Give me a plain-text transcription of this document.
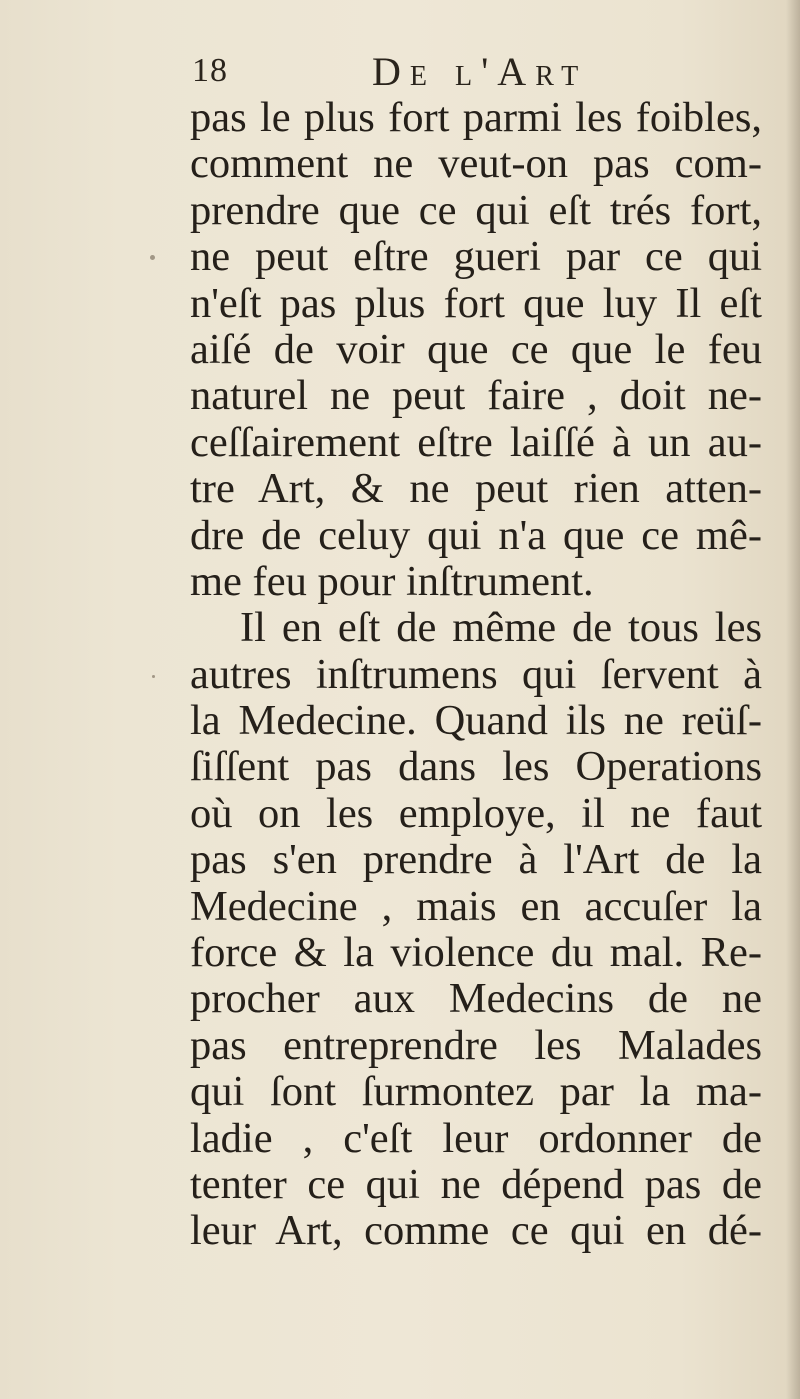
18	De l'Art
pas le plus fort parmi les foibles,
comment ne veut-on pas com-
prendre que ce qui eſt trés fort,
ne peut eſtre gueri par ce qui
n'eſt pas plus fort que luy Il eſt
aiſé de voir que ce que le feu
naturel ne peut faire , doit ne-
ceſſairement eſtre laiſſé à un au-
tre Art, & ne peut rien atten-
dre de celuy qui n'a que ce mê-
me feu pour inſtrument.
Il en eſt de même de tous les
autres inſtrumens qui ſervent à
la Medecine. Quand ils ne reüſ-
ſiſſent pas dans les Operations
où on les employe, il ne faut
pas s'en prendre à l'Art de la
Medecine , mais en accuſer la
force & la violence du mal. Re-
procher aux Medecins de ne
pas entreprendre les Malades
qui ſont ſurmontez par la ma-
ladie , c'eſt leur ordonner de
tenter ce qui ne dépend pas de
leur Art, comme ce qui en dé-
